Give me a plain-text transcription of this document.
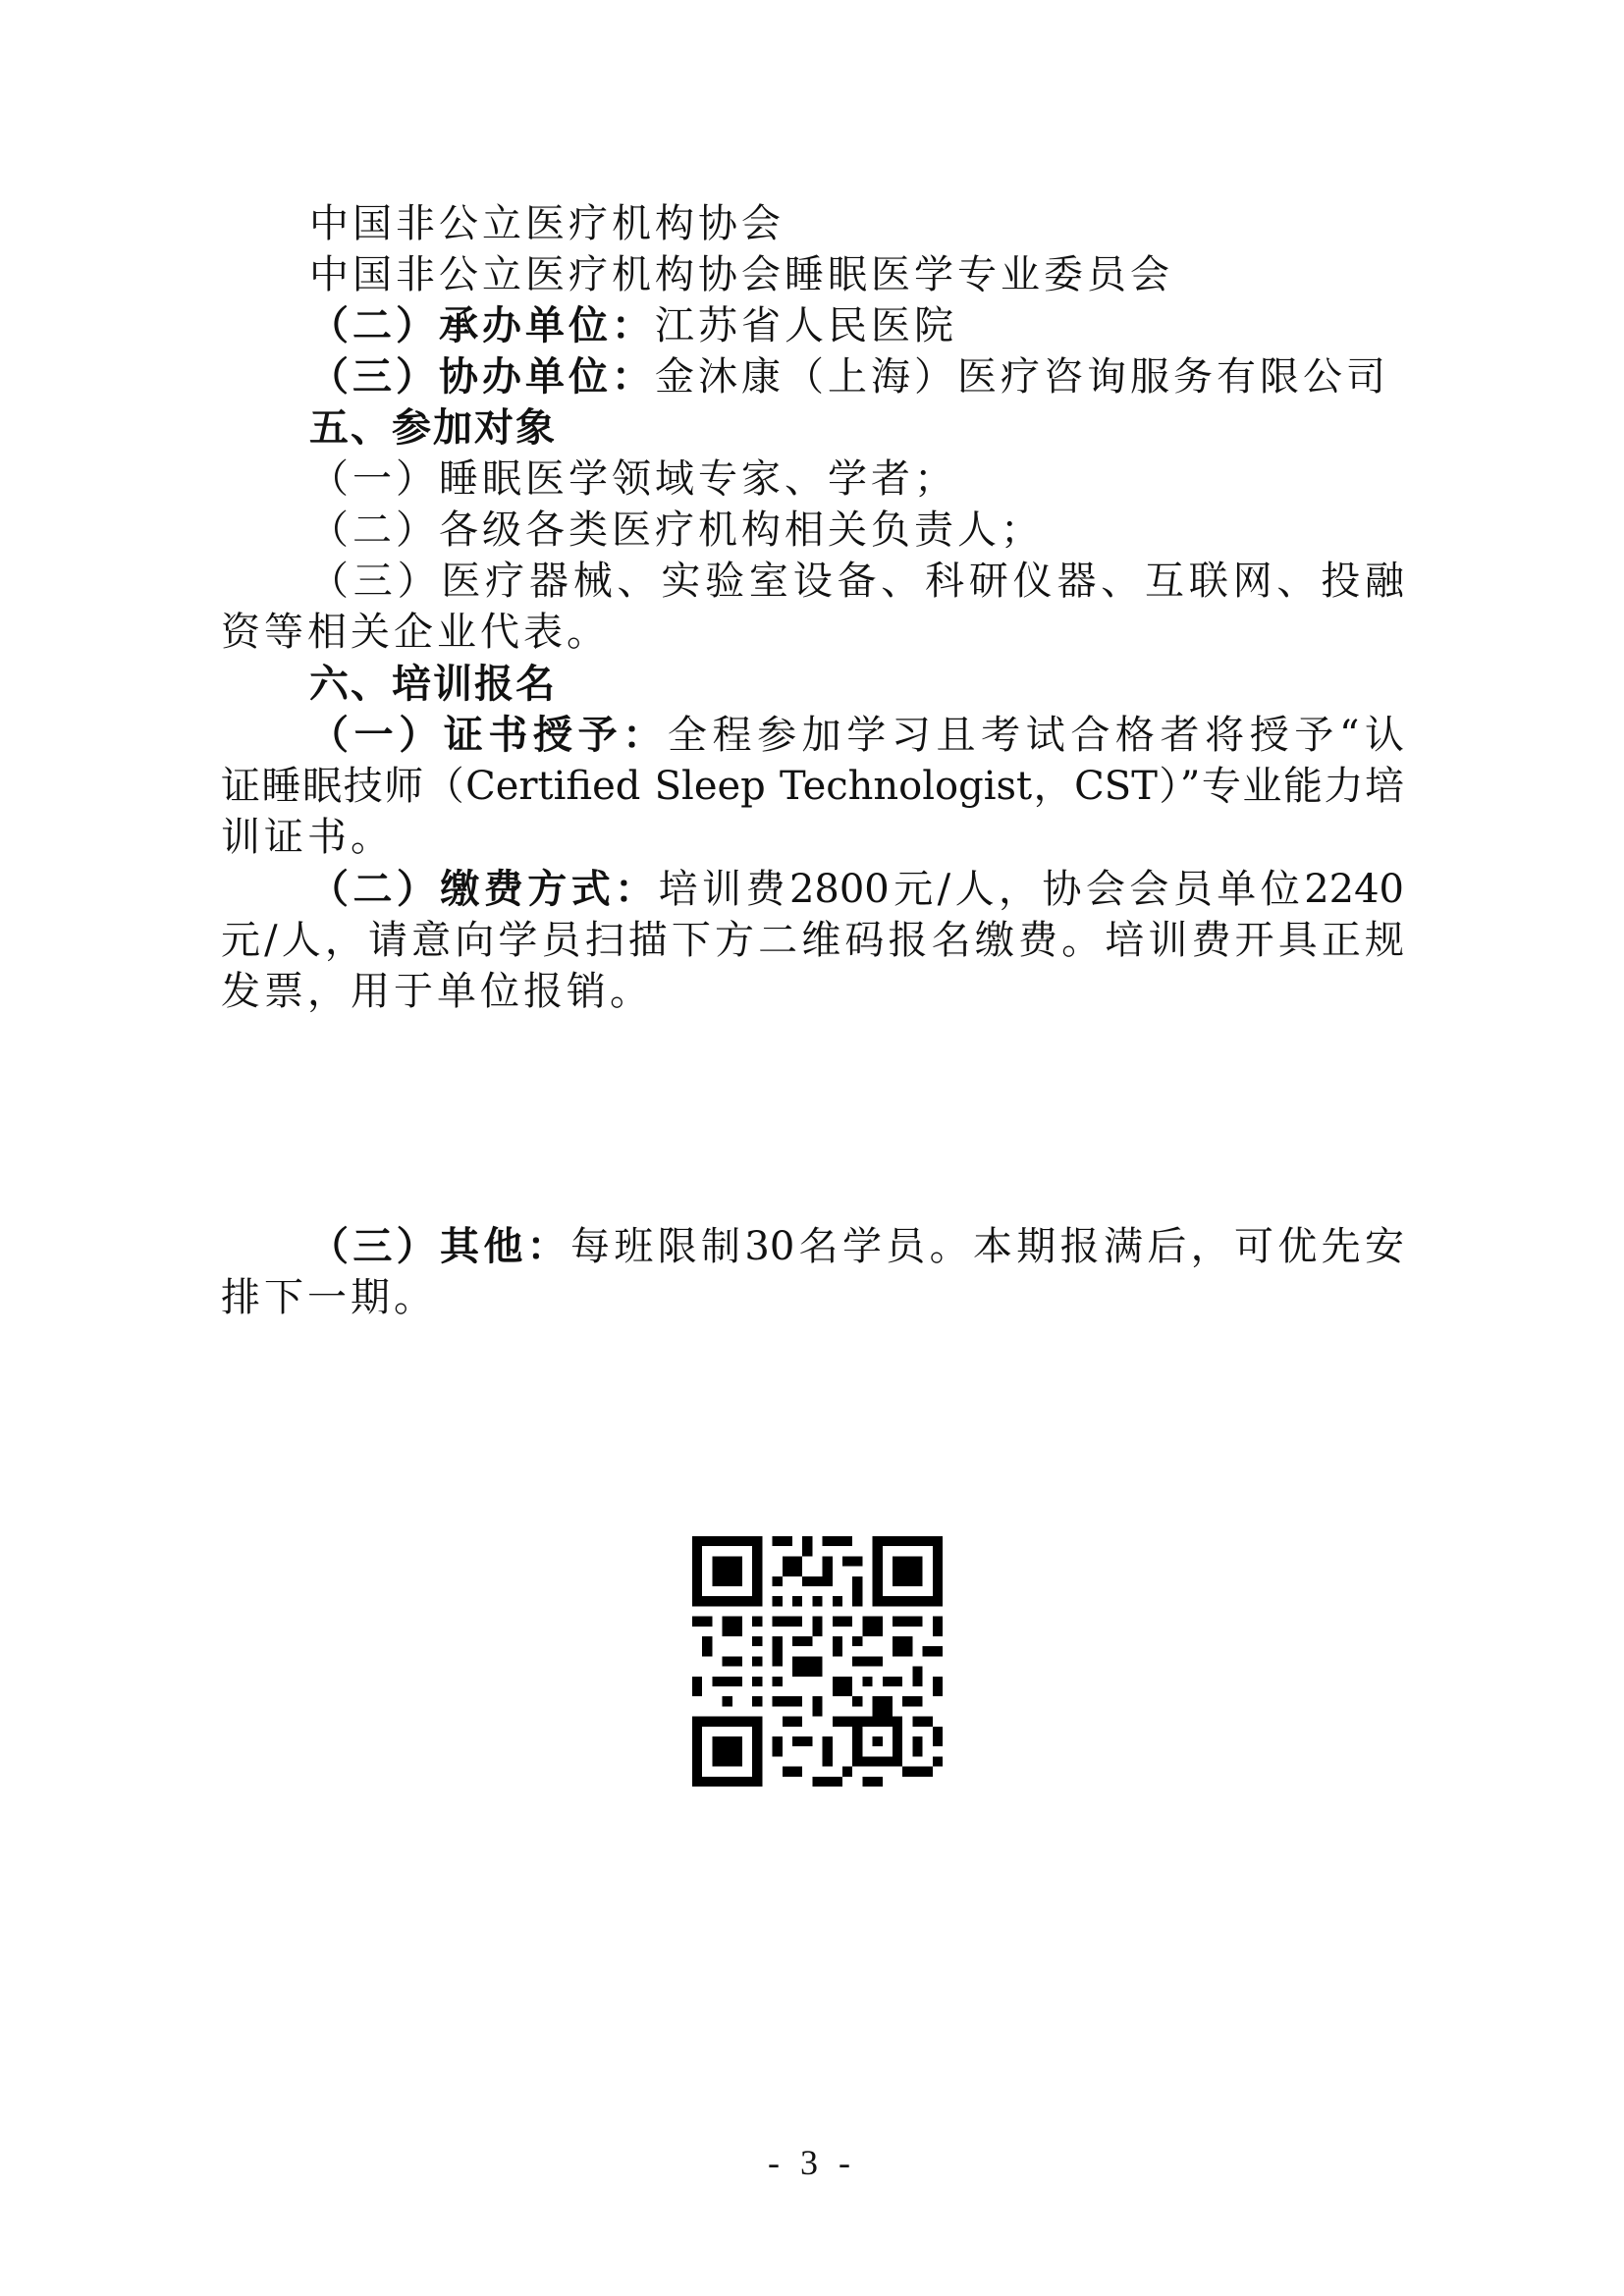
中国非公立医疗机构协会
中国非公立医疗机构协会睡眠医学专业委员会
（二）承办单位：江苏省人民医院
（三）协办单位：金沐康（上海）医疗咨询服务有限公司
五、参加对象
（一）睡眠医学领域专家、学者；
（二）各级各类医疗机构相关负责人；
（三）医疗器械、实验室设备、科研仪器、互联网、投融
资等相关企业代表。
六、培训报名
（一）证书授予：全程参加学习且考试合格者将授予“认
证睡眠技师（Certified Sleep Technologist，CST）”专业能力培
训证书。
（二）缴费方式：培训费2800元/人，协会会员单位2240
元/人，请意向学员扫描下方二维码报名缴费。培训费开具正规
发票，用于单位报销。
（三）其他：每班限制30名学员。本期报满后，可优先安
排下一期。
- 3 -
